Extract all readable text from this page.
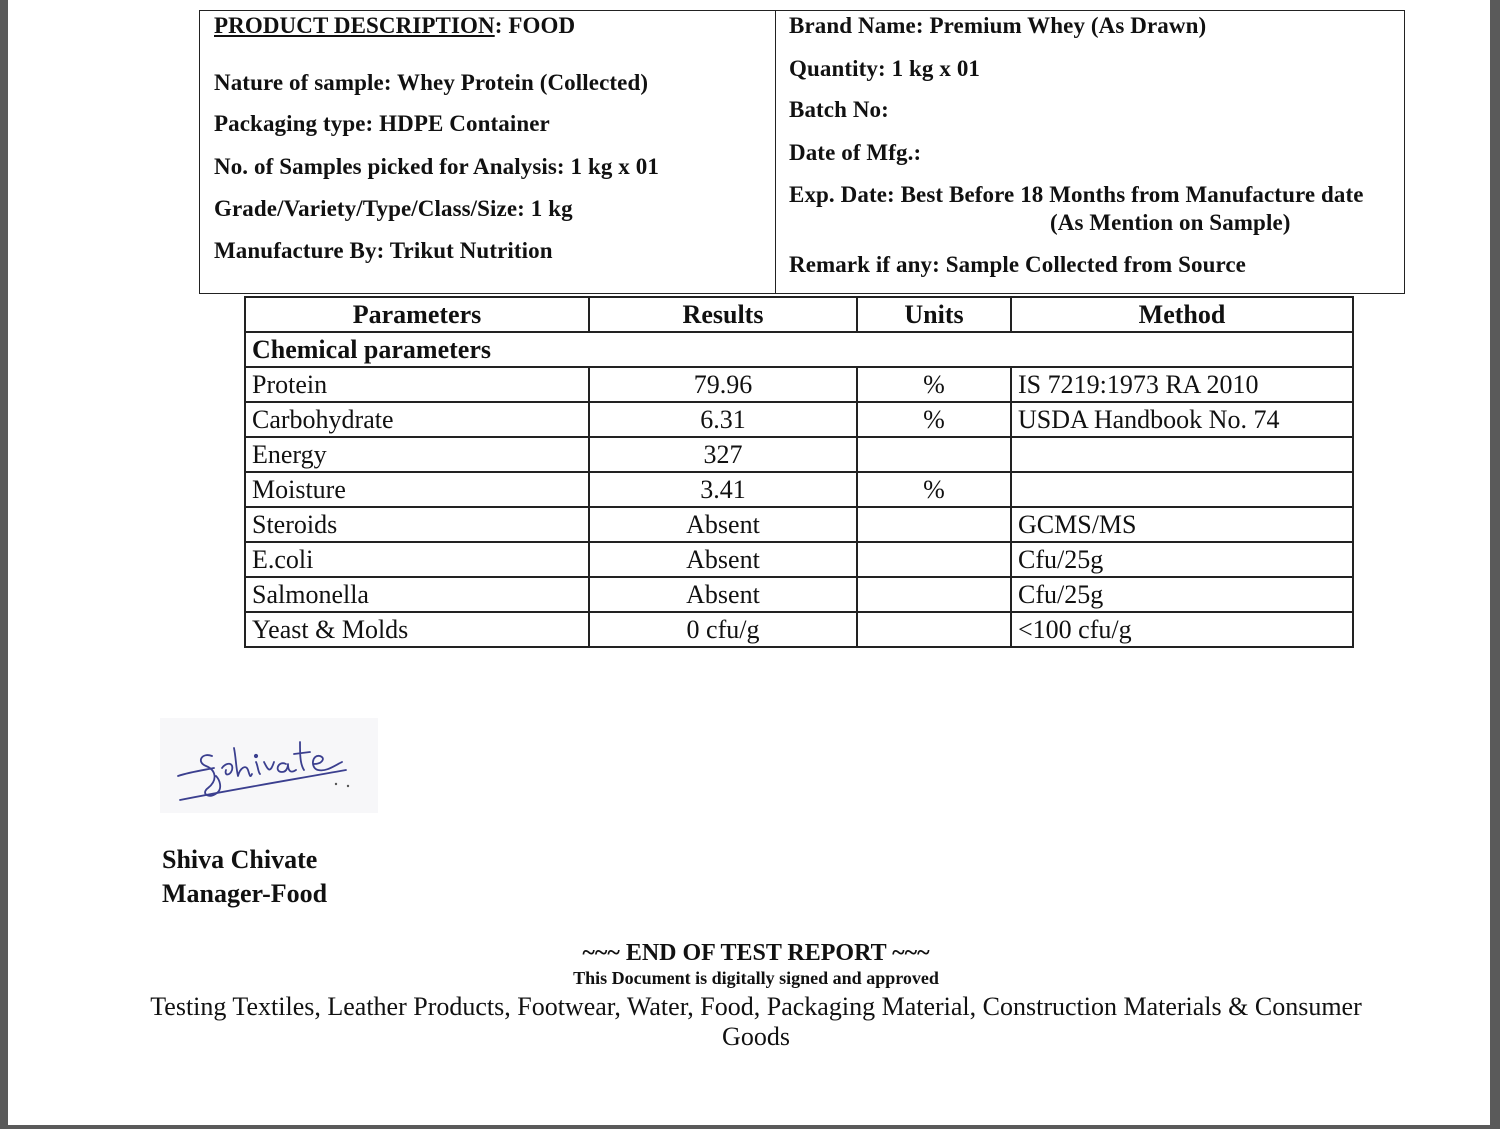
PRODUCT DESCRIPTION: FOOD
Nature of sample: Whey Protein (Collected)
Packaging type: HDPE Container
No. of Samples picked for Analysis: 1 kg x 01
Grade/Variety/Type/Class/Size: 1 kg
Manufacture By: Trikut Nutrition
Brand Name: Premium Whey (As Drawn)
Quantity: 1 kg x 01
Batch No:
Date of Mfg.:
Exp. Date: Best Before 18 Months from Manufacture date
(As Mention on Sample)
Remark if any: Sample Collected from Source
Parameters	Results	Units	Method
Chemical parameters			
Protein	79.96	%	IS 7219:1973 RA 2010
Carbohydrate	6.31	%	USDA Handbook No. 74
Energy	327		
Moisture	3.41	%	
Steroids	Absent		GCMS/MS
E.coli	Absent		Cfu/25g
Salmonella	Absent		Cfu/25g
Yeast & Molds	0 cfu/g		<100 cfu/g
Shiva Chivate
Manager-Food
~~~ END OF TEST REPORT ~~~
This Document is digitally signed and approved
Testing Textiles, Leather Products, Footwear, Water, Food, Packaging Material, Construction Materials & Consumer
Goods
